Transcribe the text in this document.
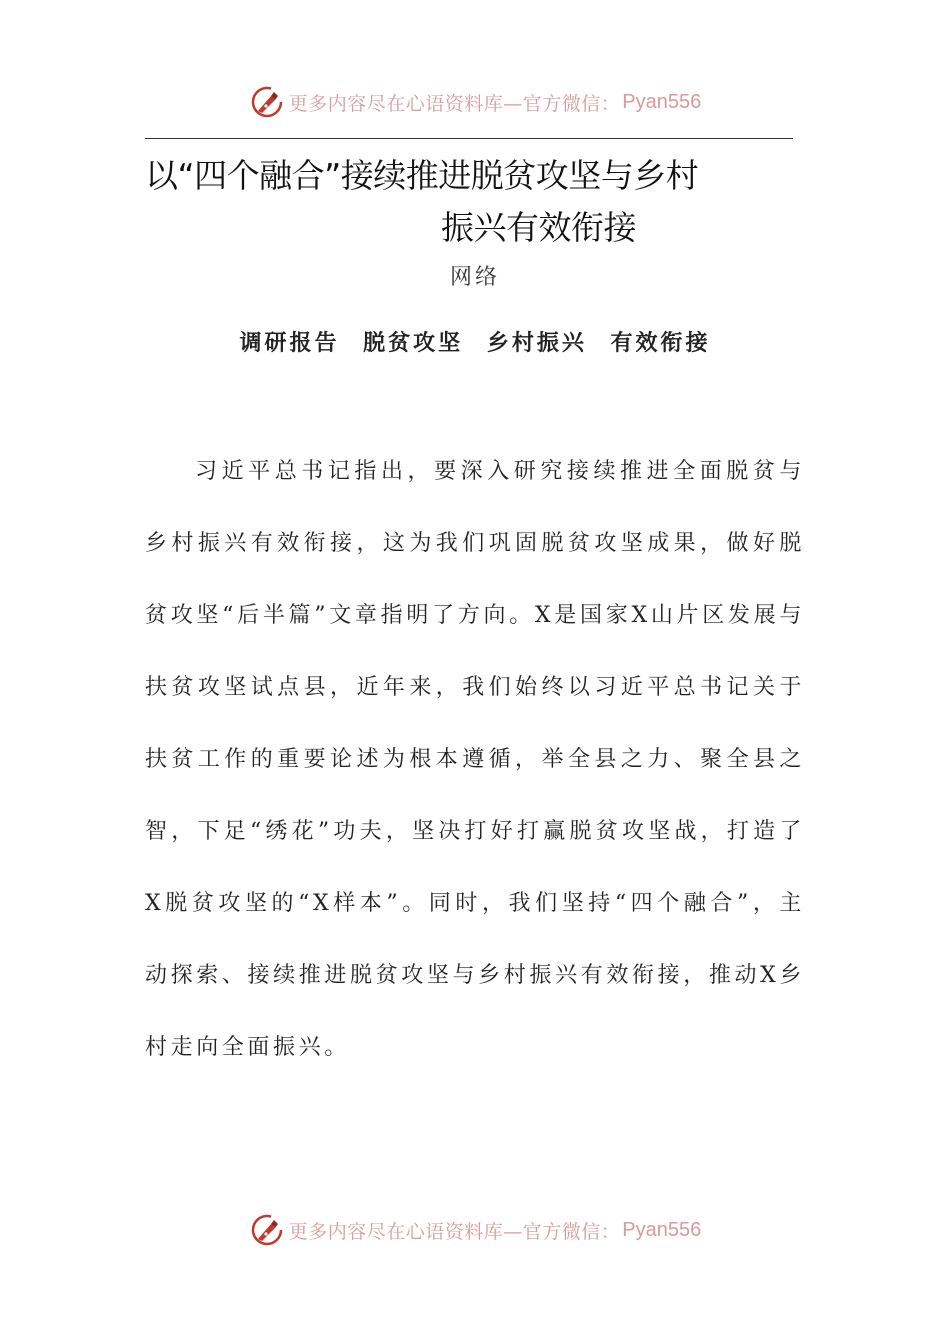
更多内容尽在心语资料库—官方微信： Pyan556
以“四个融合”接续推进脱贫攻坚与乡村
振兴有效衔接
网络
调研报告 脱贫攻坚 乡村振兴 有效衔接

习近平总书记指出，要深入研究接续推进全面脱贫与乡村振兴有效衔接，这为我们巩固脱贫攻坚成果，做好脱贫攻坚“后半篇”文章指明了方向。X是国家X山片区发展与扶贫攻坚试点县，近年来，我们始终以习近平总书记关于扶贫工作的重要论述为根本遵循，举全县之力、聚全县之智，下足“绣花”功夫，坚决打好打赢脱贫攻坚战，打造了X脱贫攻坚的“X样本”。同时，我们坚持“四个融合”，主动探索、接续推进脱贫攻坚与乡村振兴有效衔接，推动X乡村走向全面振兴。

更多内容尽在心语资料库—官方微信： Pyan556
